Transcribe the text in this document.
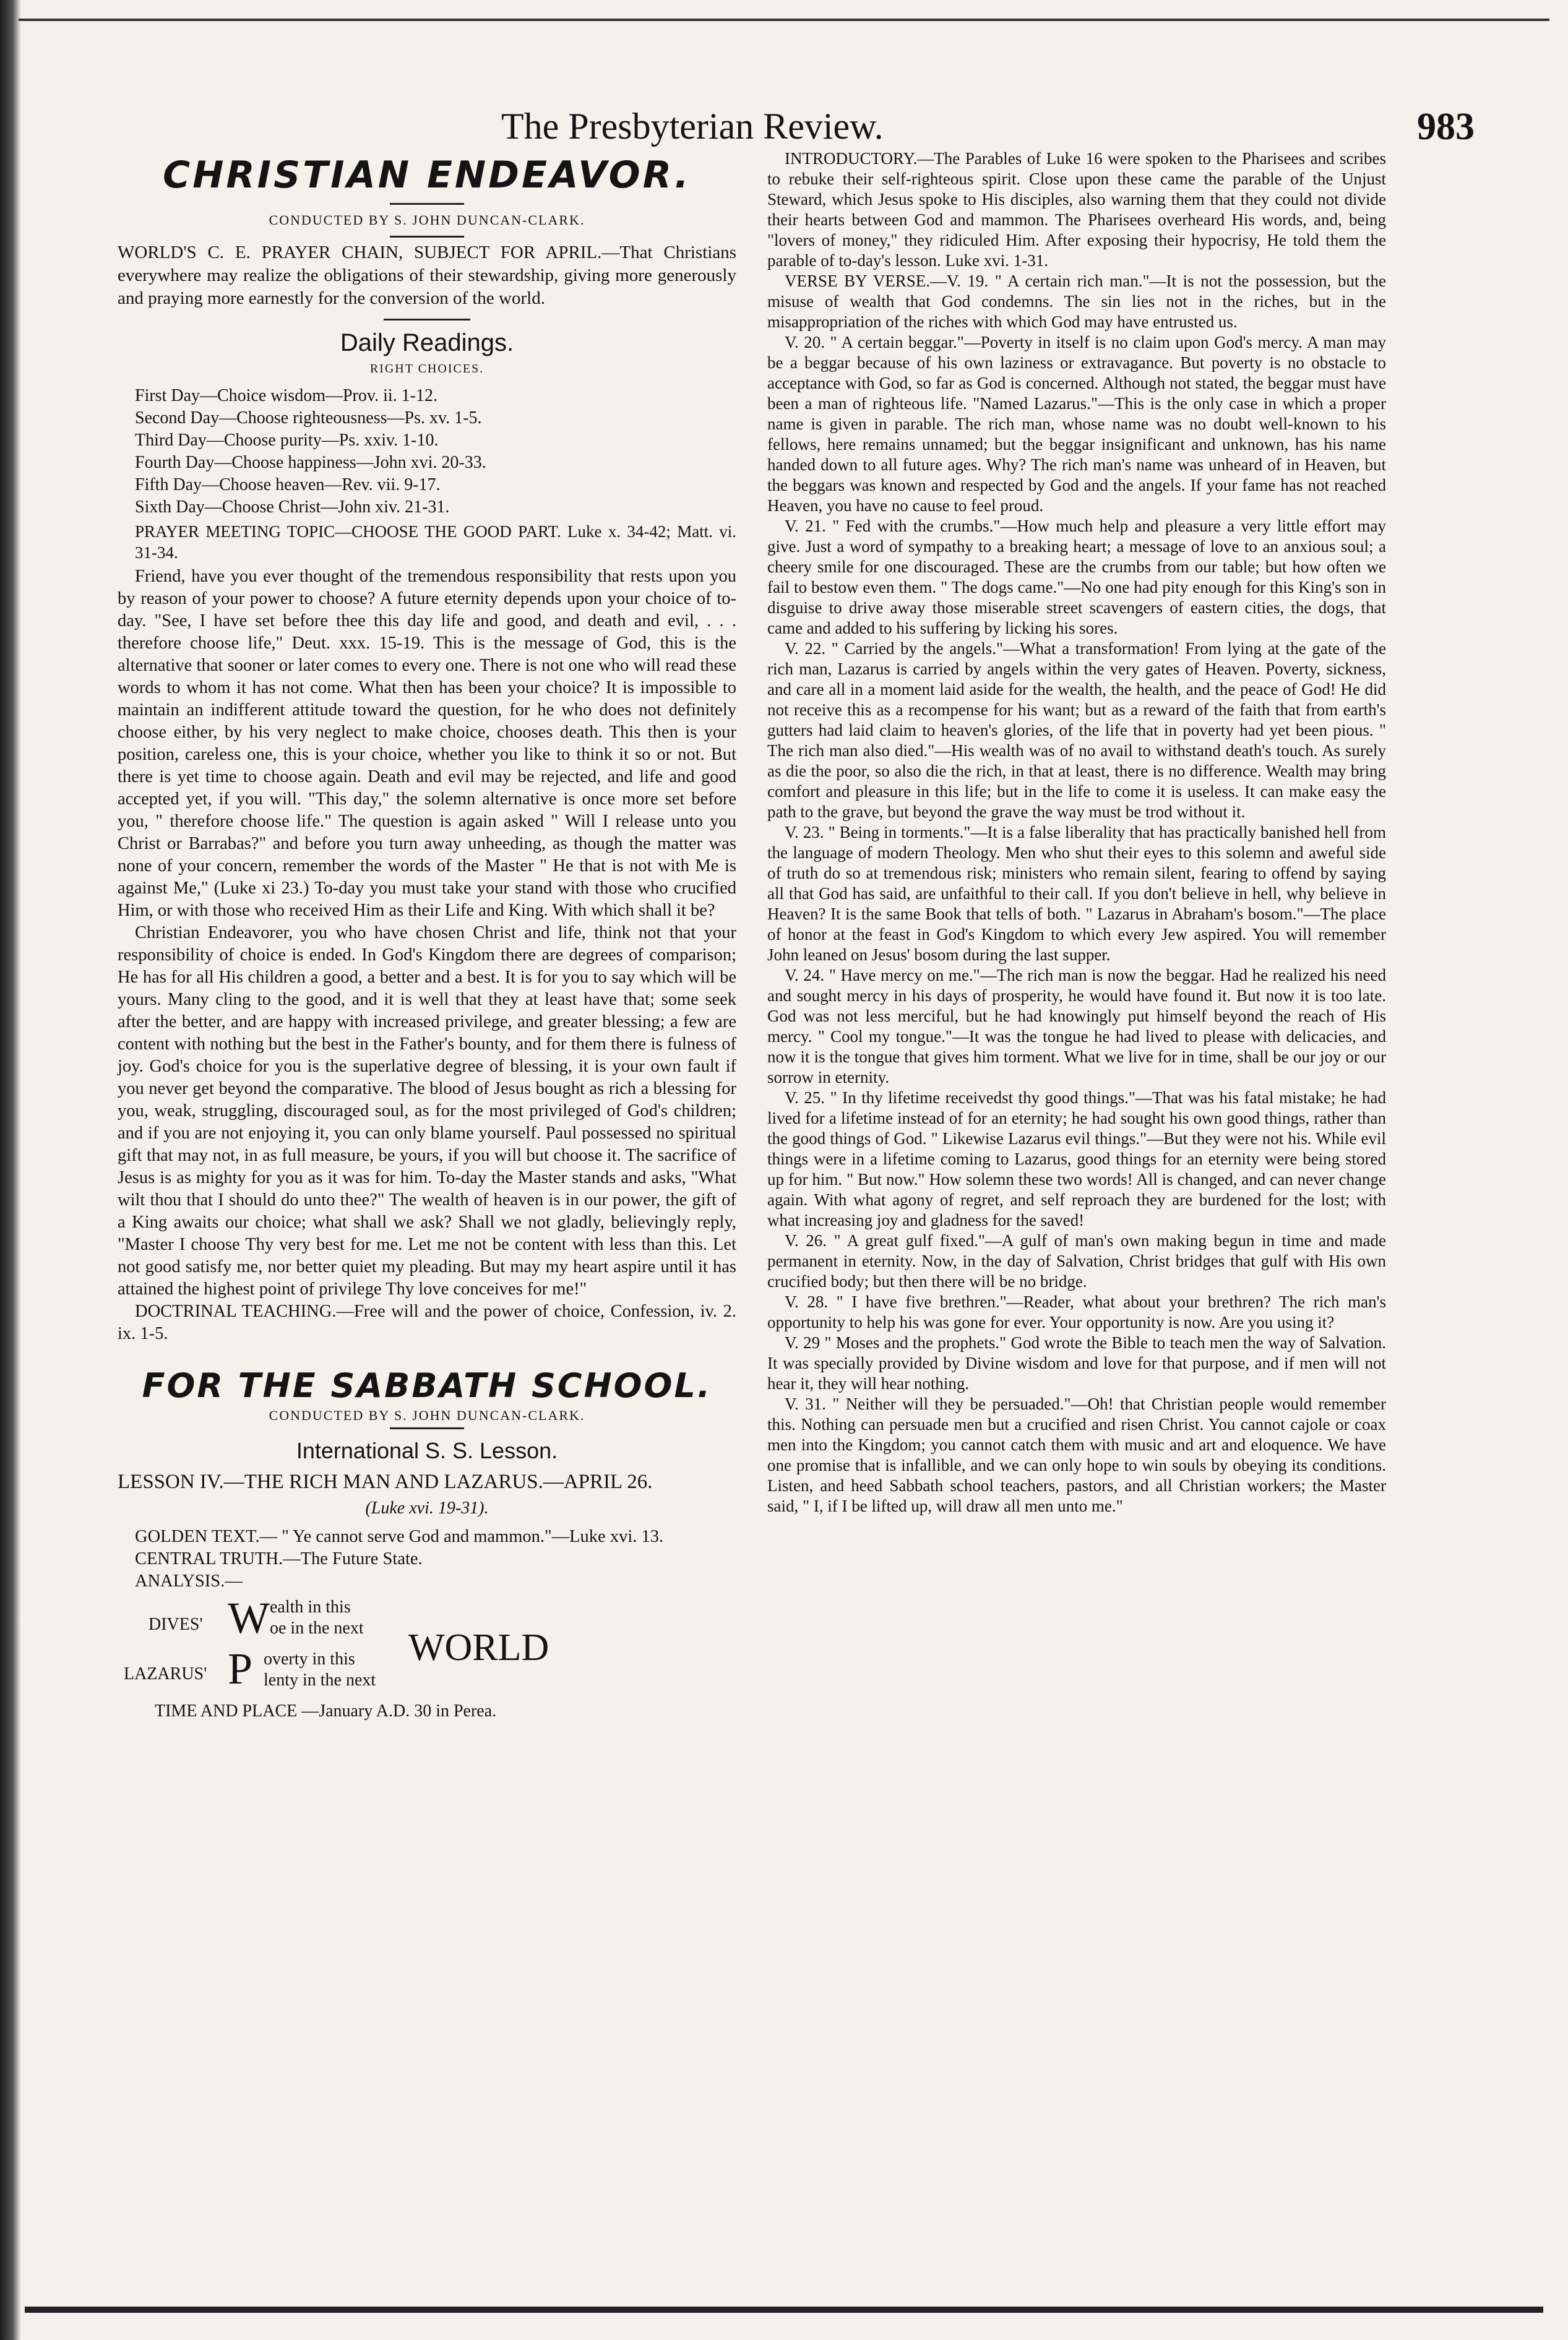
The Presbyterian Review.	983
CHRISTIAN ENDEAVOR.
CONDUCTED BY S. JOHN DUNCAN-CLARK.

WORLD'S C. E. PRAYER CHAIN, SUBJECT FOR APRIL.—That Christians everywhere may realize the obligations of their stewardship, giving more generously and praying more earnestly for the conversion of the world.

Daily Readings.
RIGHT CHOICES.
First Day—Choice wisdom—Prov. ii. 1-12.
Second Day—Choose righteousness—Ps. xv. 1-5.
Third Day—Choose purity—Ps. xxiv. 1-10.
Fourth Day—Choose happiness—John xvi. 20-33.
Fifth Day—Choose heaven—Rev. vii. 9-17.
Sixth Day—Choose Christ—John xiv. 21-31.

PRAYER MEETING TOPIC—CHOOSE THE GOOD PART. Luke x. 34-42; Matt. vi. 31-34.

Friend, have you ever thought of the tremendous responsibility that rests upon you by reason of your power to choose? A future eternity depends upon your choice of to-day. "See, I have set before thee this day life and good, and death and evil, . . . therefore choose life," Deut. xxx. 15-19. This is the message of God, this is the alternative that sooner or later comes to every one. There is not one who will read these words to whom it has not come. What then has been your choice? It is impossible to maintain an indifferent attitude toward the question, for he who does not definitely choose either, by his very neglect to make choice, chooses death. This then is your position, careless one, this is your choice, whether you like to think it so or not. But there is yet time to choose again. Death and evil may be rejected, and life and good accepted yet, if you will. "This day," the solemn alternative is once more set before you, " therefore choose life." The question is again asked " Will I release unto you Christ or Barrabas?" and before you turn away unheeding, as though the matter was none of your concern, remember the words of the Master " He that is not with Me is against Me," (Luke xi 23.) To-day you must take your stand with those who crucified Him, or with those who received Him as their Life and King. With which shall it be?

Christian Endeavorer, you who have chosen Christ and life, think not that your responsibility of choice is ended. In God's Kingdom there are degrees of comparison; He has for all His children a good, a better and a best. It is for you to say which will be yours. Many cling to the good, and it is well that they at least have that; some seek after the better, and are happy with increased privilege, and greater blessing; a few are content with nothing but the best in the Father's bounty, and for them there is fulness of joy. God's choice for you is the superlative degree of blessing, it is your own fault if you never get beyond the comparative. The blood of Jesus bought as rich a blessing for you, weak, struggling, discouraged soul, as for the most privileged of God's children; and if you are not enjoying it, you can only blame yourself. Paul possessed no spiritual gift that may not, in as full measure, be yours, if you will but choose it. The sacrifice of Jesus is as mighty for you as it was for him. To-day the Master stands and asks, "What wilt thou that I should do unto thee?" The wealth of heaven is in our power, the gift of a King awaits our choice; what shall we ask? Shall we not gladly, believingly reply, "Master I choose Thy very best for me. Let me not be content with less than this. Let not good satisfy me, nor better quiet my pleading. But may my heart aspire until it has attained the highest point of privilege Thy love conceives for me!"

DOCTRINAL TEACHING.—Free will and the power of choice, Confession, iv. 2. ix. 1-5.

FOR THE SABBATH SCHOOL.
CONDUCTED BY S. JOHN DUNCAN-CLARK.
International S. S. Lesson.
LESSON IV.—THE RICH MAN AND LAZARUS.—APRIL 26.
(Luke xvi. 19-31).

GOLDEN TEXT.— " Ye cannot serve God and mammon."—Luke xvi. 13.

CENTRAL TRUTH.—The Future State.

ANALYSIS.—

DIVES' W ealth in this
oe in the next
LAZARUS' P overty in this
lenty in the next
WORLD
TIME AND PLACE —January A.D. 30 in Perea.

INTRODUCTORY.—The Parables of Luke 16 were spoken to the Pharisees and scribes to rebuke their self-righteous spirit. Close upon these came the parable of the Unjust Steward, which Jesus spoke to His disciples, also warning them that they could not divide their hearts between God and mammon. The Pharisees overheard His words, and, being "lovers of money," they ridiculed Him. After exposing their hypocrisy, He told them the parable of to-day's lesson. Luke xvi. 1-31.

VERSE BY VERSE.—V. 19. " A certain rich man."—It is not the possession, but the misuse of wealth that God condemns. The sin lies not in the riches, but in the misappropriation of the riches with which God may have entrusted us.

V. 20. " A certain beggar."—Poverty in itself is no claim upon God's mercy. A man may be a beggar because of his own laziness or extravagance. But poverty is no obstacle to acceptance with God, so far as God is concerned. Although not stated, the beggar must have been a man of righteous life. "Named Lazarus."—This is the only case in which a proper name is given in parable. The rich man, whose name was no doubt well-known to his fellows, here remains unnamed; but the beggar insignificant and unknown, has his name handed down to all future ages. Why? The rich man's name was unheard of in Heaven, but the beggars was known and respected by God and the angels. If your fame has not reached Heaven, you have no cause to feel proud.

V. 21. " Fed with the crumbs."—How much help and pleasure a very little effort may give. Just a word of sympathy to a breaking heart; a message of love to an anxious soul; a cheery smile for one discouraged. These are the crumbs from our table; but how often we fail to bestow even them. " The dogs came."—No one had pity enough for this King's son in disguise to drive away those miserable street scavengers of eastern cities, the dogs, that came and added to his suffering by licking his sores.

V. 22. " Carried by the angels."—What a transformation! From lying at the gate of the rich man, Lazarus is carried by angels within the very gates of Heaven. Poverty, sickness, and care all in a moment laid aside for the wealth, the health, and the peace of God! He did not receive this as a recompense for his want; but as a reward of the faith that from earth's gutters had laid claim to heaven's glories, of the life that in poverty had yet been pious. " The rich man also died."—His wealth was of no avail to withstand death's touch. As surely as die the poor, so also die the rich, in that at least, there is no difference. Wealth may bring comfort and pleasure in this life; but in the life to come it is useless. It can make easy the path to the grave, but beyond the grave the way must be trod without it.

V. 23. " Being in torments."—It is a false liberality that has practically banished hell from the language of modern Theology. Men who shut their eyes to this solemn and aweful side of truth do so at tremendous risk; ministers who remain silent, fearing to offend by saying all that God has said, are unfaithful to their call. If you don't believe in hell, why believe in Heaven? It is the same Book that tells of both. " Lazarus in Abraham's bosom."—The place of honor at the feast in God's Kingdom to which every Jew aspired. You will remember John leaned on Jesus' bosom during the last supper.

V. 24. " Have mercy on me."—The rich man is now the beggar. Had he realized his need and sought mercy in his days of prosperity, he would have found it. But now it is too late. God was not less merciful, but he had knowingly put himself beyond the reach of His mercy. " Cool my tongue."—It was the tongue he had lived to please with delicacies, and now it is the tongue that gives him torment. What we live for in time, shall be our joy or our sorrow in eternity.

V. 25. " In thy lifetime receivedst thy good things."—That was his fatal mistake; he had lived for a lifetime instead of for an eternity; he had sought his own good things, rather than the good things of God. " Likewise Lazarus evil things."—But they were not his. While evil things were in a lifetime coming to Lazarus, good things for an eternity were being stored up for him. " But now." How solemn these two words! All is changed, and can never change again. With what agony of regret, and self reproach they are burdened for the lost; with what increasing joy and gladness for the saved!

V. 26. " A great gulf fixed."—A gulf of man's own making begun in time and made permanent in eternity. Now, in the day of Salvation, Christ bridges that gulf with His own crucified body; but then there will be no bridge.

V. 28. " I have five brethren."—Reader, what about your brethren? The rich man's opportunity to help his was gone for ever. Your opportunity is now. Are you using it?

V. 29 " Moses and the prophets." God wrote the Bible to teach men the way of Salvation. It was specially provided by Divine wisdom and love for that purpose, and if men will not hear it, they will hear nothing.

V. 31. " Neither will they be persuaded."—Oh! that Christian people would remember this. Nothing can persuade men but a crucified and risen Christ. You cannot cajole or coax men into the Kingdom; you cannot catch them with music and art and eloquence. We have one promise that is infallible, and we can only hope to win souls by obeying its conditions. Listen, and heed Sabbath school teachers, pastors, and all Christian workers; the Master said, " I, if I be lifted up, will draw all men unto me."
